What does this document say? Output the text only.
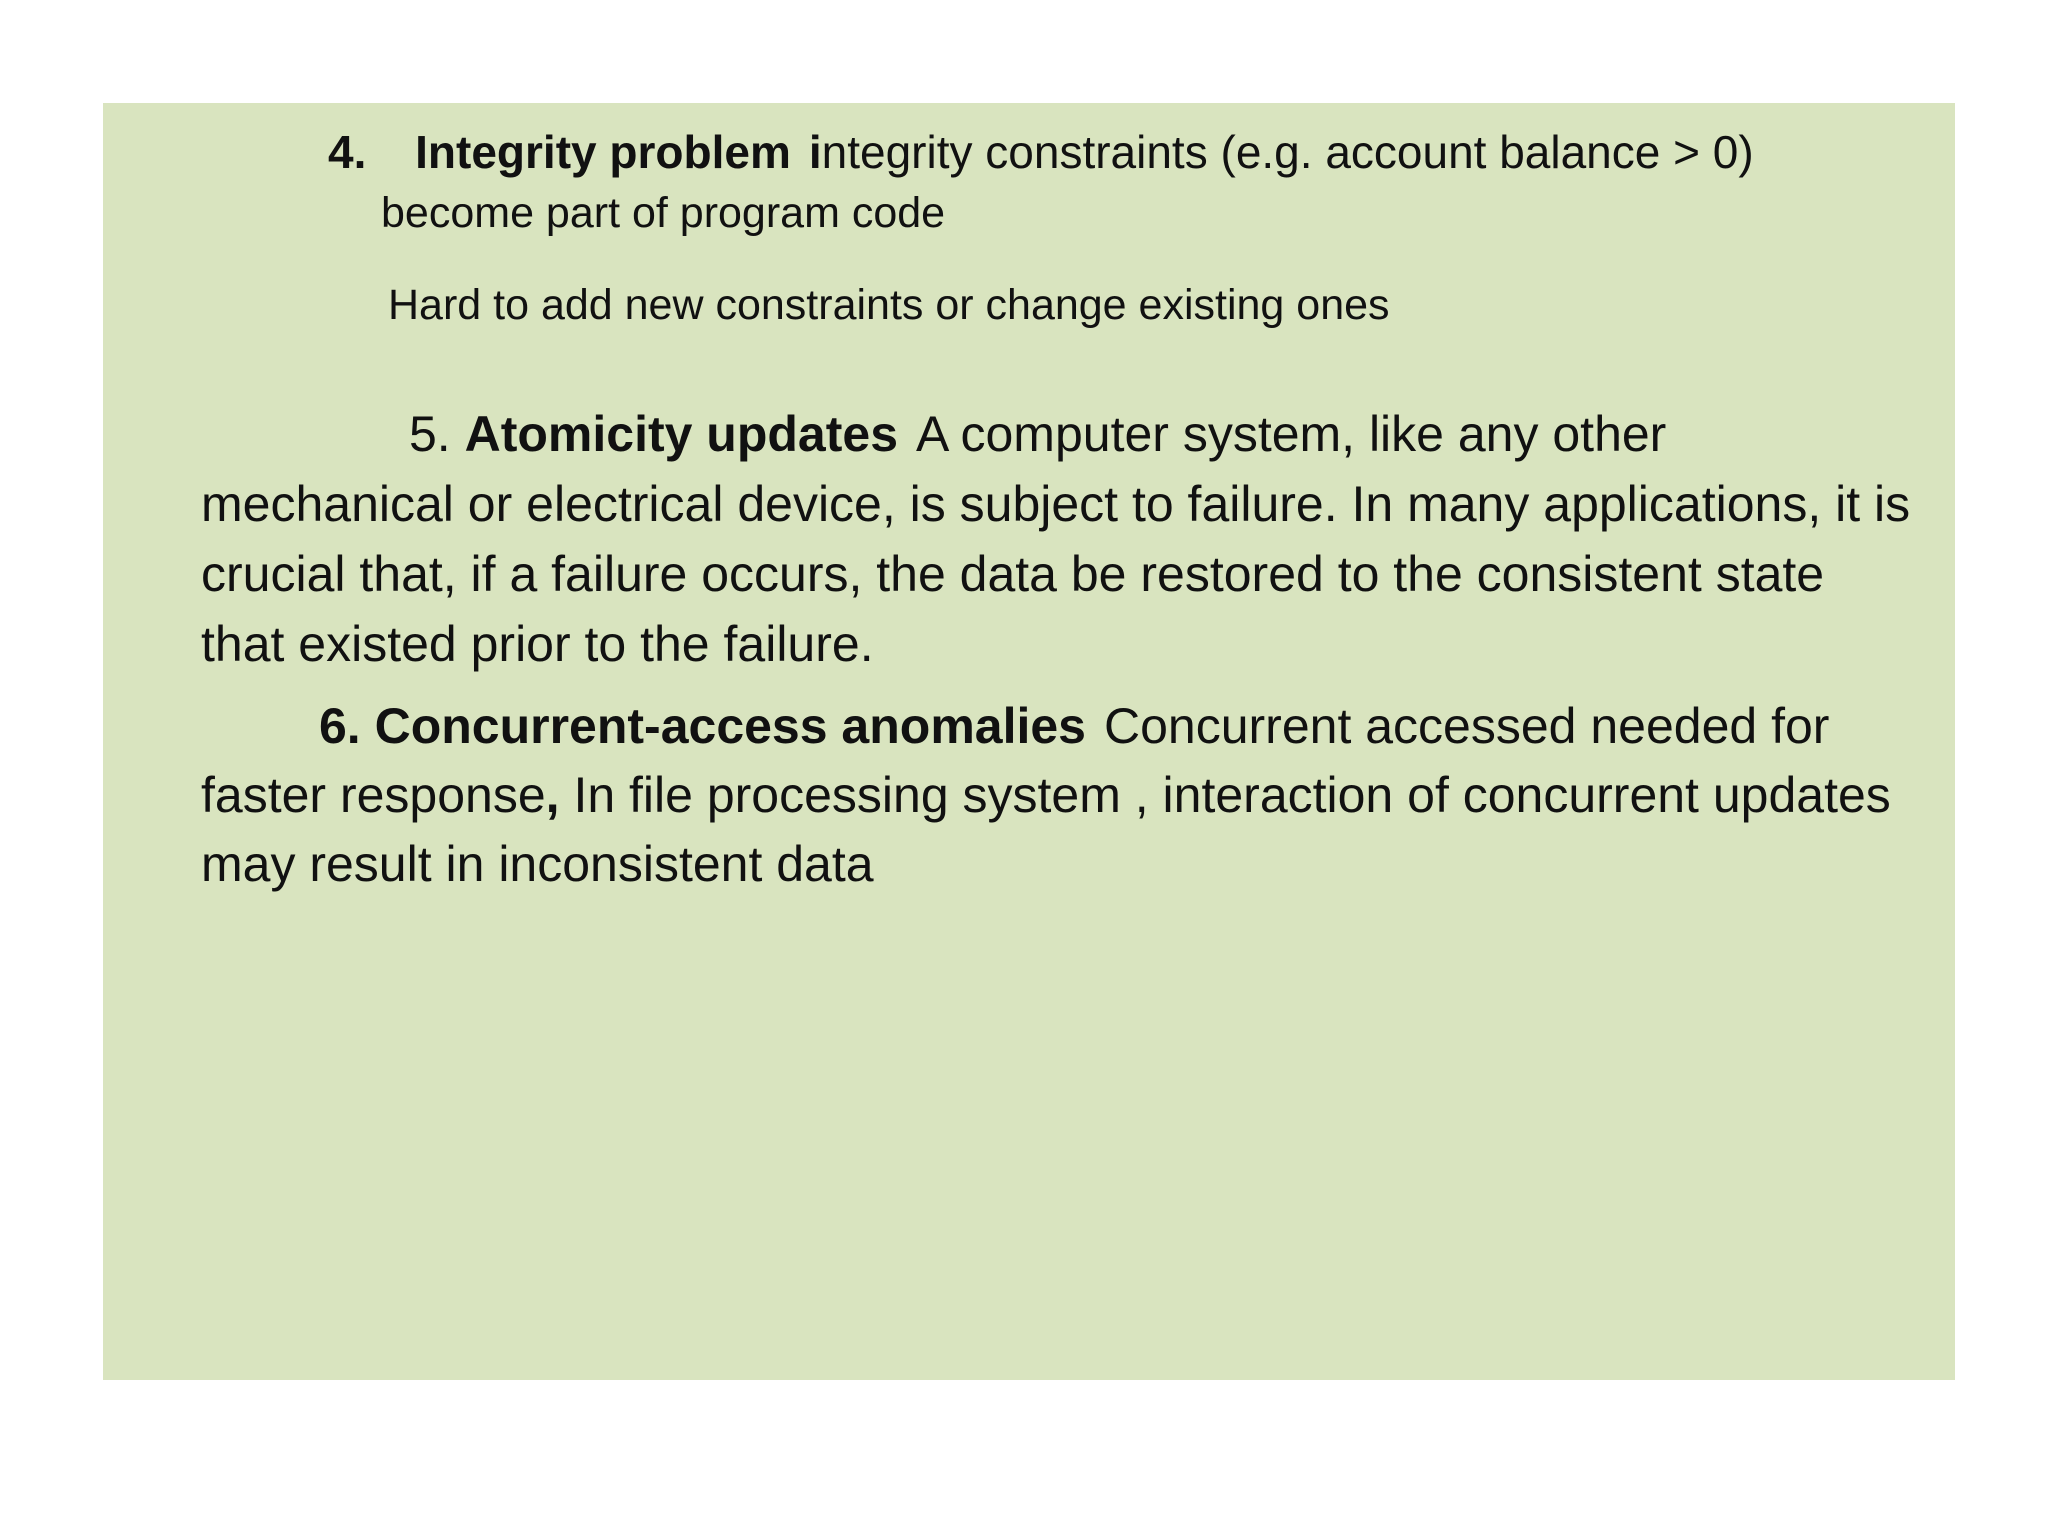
4. Integrity problem integrity constraints (e.g. account balance > 0)
become part of program code
Hard to add new constraints or change existing ones
5. Atomicity updates A computer system, like any other mechanical or electrical device, is subject to failure. In many applications, it is crucial that, if a failure occurs, the data be restored to the consistent state that existed prior to the failure.
6. Concurrent-access anomalies Concurrent accessed needed for faster response, In file processing system , interaction of concurrent updates may result in inconsistent data
